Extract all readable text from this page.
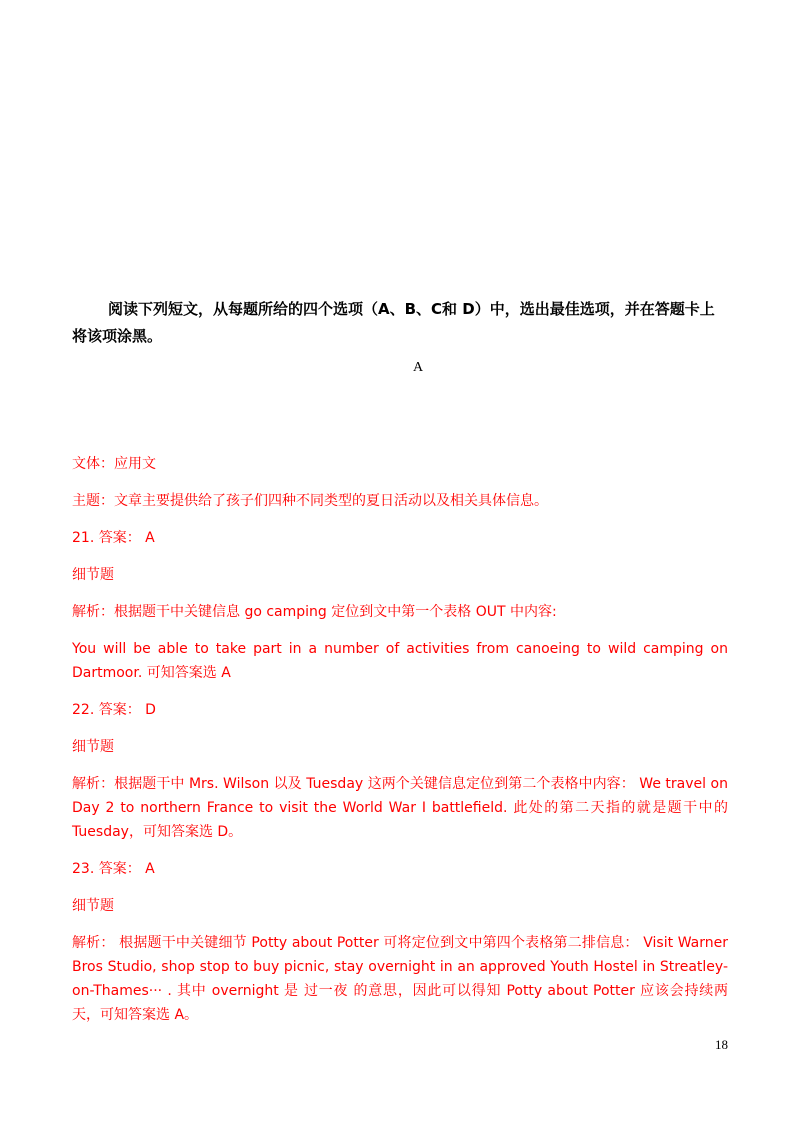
阅读下列短文，从每题所给的四个选项（A、B、C和 D）中，选出最佳选项，并在答题卡上将该项涂黑。

A

文体：应用文

主题：文章主要提供给了孩子们四种不同类型的夏日活动以及相关具体信息。

21. 答案： A

细节题

解析：根据题干中关键信息 go camping 定位到文中第一个表格 OUT 中内容:

You will be able to take part in a number of activities from canoeing to wild camping on Dartmoor. 可知答案选 A

22. 答案： D

细节题

解析：根据题干中 Mrs. Wilson 以及 Tuesday 这两个关键信息定位到第二个表格中内容： We travel on Day 2 to northern France to visit the World War I battlefield. 此处的第二天指的就是题干中的 Tuesday，可知答案选 D。

23. 答案： A

细节题

解析： 根据题干中关键细节 Potty about Potter 可将定位到文中第四个表格第二排信息： Visit Warner Bros Studio, shop stop to buy picnic, stay overnight in an approved Youth Hostel in Streatley-on-Thames··· . 其中 overnight 是 过一夜 的意思，因此可以得知 Potty about Potter 应该会持续两天，可知答案选 A。

18
